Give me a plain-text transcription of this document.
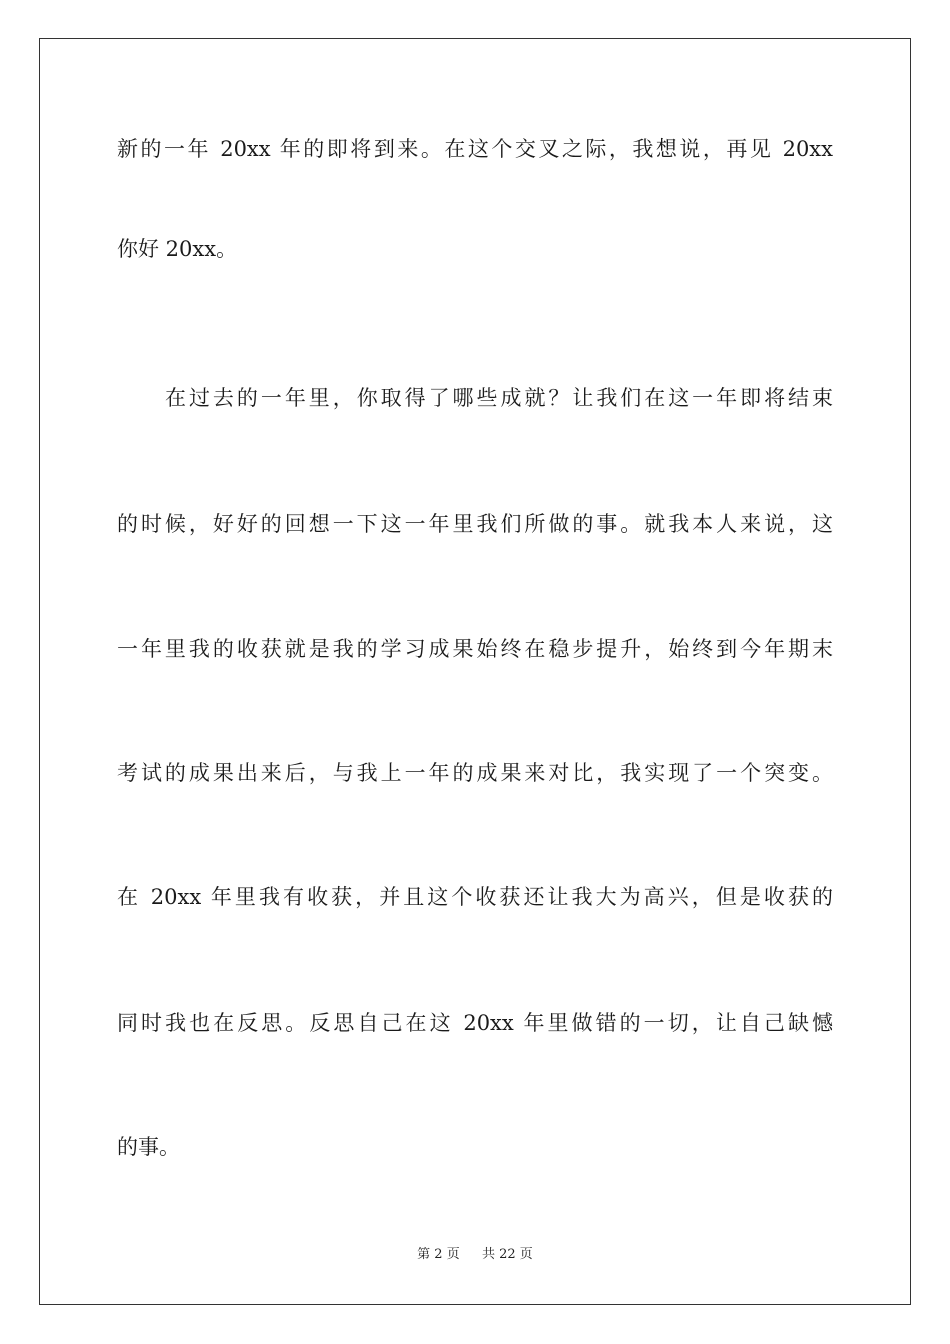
新的一年 20xx 年的即将到来。在这个交叉之际，我想说，再见 20xx
你好 20xx。
在过去的一年里，你取得了哪些成就？让我们在这一年即将结束
的时候，好好的回想一下这一年里我们所做的事。就我本人来说，这
一年里我的收获就是我的学习成果始终在稳步提升，始终到今年期末
考试的成果出来后，与我上一年的成果来对比，我实现了一个突变。
在 20xx 年里我有收获，并且这个收获还让我大为高兴，但是收获的
同时我也在反思。反思自己在这 20xx 年里做错的一切，让自己缺憾
的事。
第 2 页 共 22 页
